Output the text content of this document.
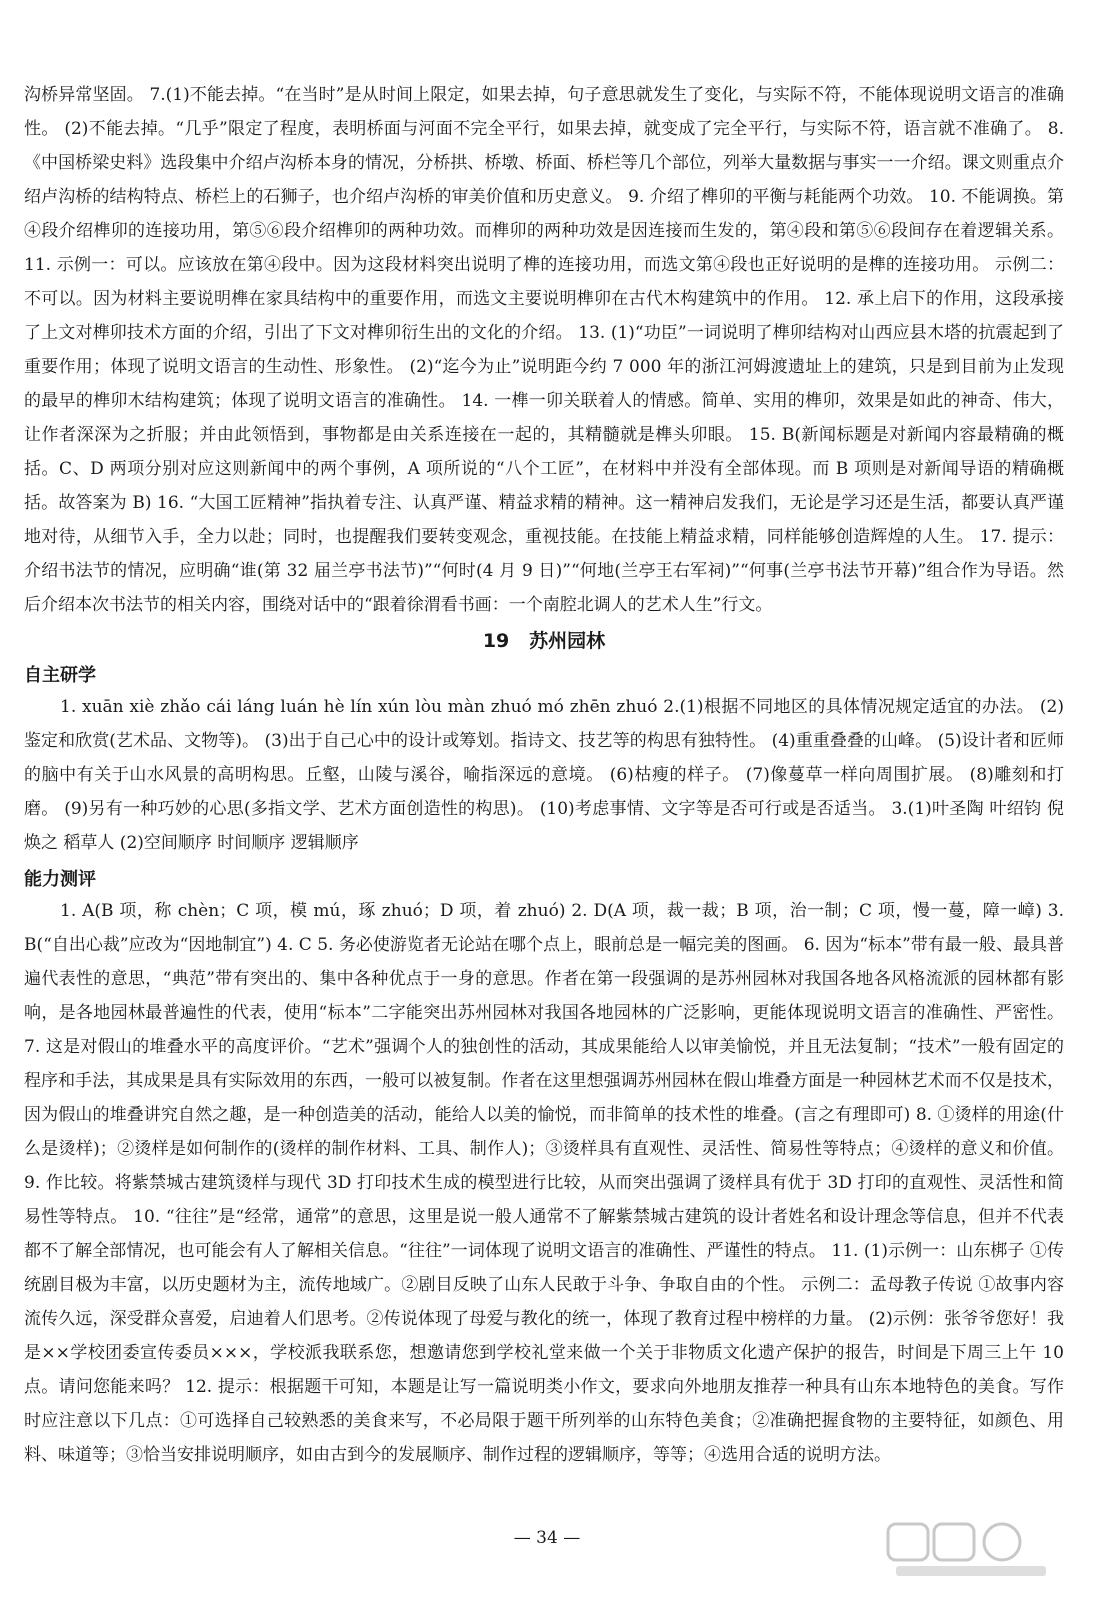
沟桥异常坚固。 7.(1)不能去掉。“在当时”是从时间上限定，如果去掉，句子意思就发生了变化，与实际不符，不能体现说明文语言的准确性。 (2)不能去掉。“几乎”限定了程度，表明桥面与河面不完全平行，如果去掉，就变成了完全平行，与实际不符，语言就不准确了。 8.《中国桥梁史料》选段集中介绍卢沟桥本身的情况，分桥拱、桥墩、桥面、桥栏等几个部位，列举大量数据与事实一一介绍。课文则重点介绍卢沟桥的结构特点、桥栏上的石狮子，也介绍卢沟桥的审美价值和历史意义。 9. 介绍了榫卯的平衡与耗能两个功效。 10. 不能调换。第④段介绍榫卯的连接功用，第⑤⑥段介绍榫卯的两种功效。而榫卯的两种功效是因连接而生发的，第④段和第⑤⑥段间存在着逻辑关系。 11. 示例一：可以。应该放在第④段中。因为这段材料突出说明了榫的连接功用，而选文第④段也正好说明的是榫的连接功用。 示例二：不可以。因为材料主要说明榫在家具结构中的重要作用，而选文主要说明榫卯在古代木构建筑中的作用。 12. 承上启下的作用，这段承接了上文对榫卯技术方面的介绍，引出了下文对榫卯衍生出的文化的介绍。 13. (1)“功臣”一词说明了榫卯结构对山西应县木塔的抗震起到了重要作用；体现了说明文语言的生动性、形象性。 (2)“迄今为止”说明距今约 7 000 年的浙江河姆渡遗址上的建筑，只是到目前为止发现的最早的榫卯木结构建筑；体现了说明文语言的准确性。 14. 一榫一卯关联着人的情感。简单、实用的榫卯，效果是如此的神奇、伟大，让作者深深为之折服；并由此领悟到，事物都是由关系连接在一起的，其精髓就是榫头卯眼。 15. B(新闻标题是对新闻内容最精确的概括。C、D 两项分别对应这则新闻中的两个事例，A 项所说的“八个工匠”，在材料中并没有全部体现。而 B 项则是对新闻导语的精确概括。故答案为 B) 16. “大国工匠精神”指执着专注、认真严谨、精益求精的精神。这一精神启发我们，无论是学习还是生活，都要认真严谨地对待，从细节入手，全力以赴；同时，也提醒我们要转变观念，重视技能。在技能上精益求精，同样能够创造辉煌的人生。 17. 提示：介绍书法节的情况，应明确“谁(第 32 届兰亭书法节)”“何时(4 月 9 日)”“何地(兰亭王右军祠)”“何事(兰亭书法节开幕)”组合作为导语。然后介绍本次书法节的相关内容，围绕对话中的“跟着徐渭看书画：一个南腔北调人的艺术人生”行文。

19 苏州园林
自主研学

1. xuān xiè zhǎo cái láng luán hè lín xún lòu màn zhuó mó zhēn zhuó 2.(1)根据不同地区的具体情况规定适宜的办法。 (2)鉴定和欣赏(艺术品、文物等)。 (3)出于自己心中的设计或筹划。指诗文、技艺等的构思有独特性。 (4)重重叠叠的山峰。 (5)设计者和匠师的脑中有关于山水风景的高明构思。丘壑，山陵与溪谷，喻指深远的意境。 (6)枯瘦的样子。 (7)像蔓草一样向周围扩展。 (8)雕刻和打磨。 (9)另有一种巧妙的心思(多指文学、艺术方面创造性的构思)。 (10)考虑事情、文字等是否可行或是否适当。 3.(1)叶圣陶 叶绍钧 倪焕之 稻草人 (2)空间顺序 时间顺序 逻辑顺序

能力测评

1. A(B 项，称 chèn；C 项，模 mú，琢 zhuó；D 项，着 zhuó) 2. D(A 项，裁一裁；B 项，治一制；C 项，慢一蔓，障一嶂) 3. B(“自出心裁”应改为“因地制宜”) 4. C 5. 务必使游览者无论站在哪个点上，眼前总是一幅完美的图画。 6. 因为“标本”带有最一般、最具普遍代表性的意思，“典范”带有突出的、集中各种优点于一身的意思。作者在第一段强调的是苏州园林对我国各地各风格流派的园林都有影响，是各地园林最普遍性的代表，使用“标本”二字能突出苏州园林对我国各地园林的广泛影响，更能体现说明文语言的准确性、严密性。 7. 这是对假山的堆叠水平的高度评价。“艺术”强调个人的独创性的活动，其成果能给人以审美愉悦，并且无法复制；“技术”一般有固定的程序和手法，其成果是具有实际效用的东西，一般可以被复制。作者在这里想强调苏州园林在假山堆叠方面是一种园林艺术而不仅是技术，因为假山的堆叠讲究自然之趣，是一种创造美的活动，能给人以美的愉悦，而非简单的技术性的堆叠。(言之有理即可) 8. ①烫样的用途(什么是烫样)；②烫样是如何制作的(烫样的制作材料、工具、制作人)；③烫样具有直观性、灵活性、简易性等特点；④烫样的意义和价值。 9. 作比较。将紫禁城古建筑烫样与现代 3D 打印技术生成的模型进行比较，从而突出强调了烫样具有优于 3D 打印的直观性、灵活性和简易性等特点。 10. “往往”是“经常，通常”的意思，这里是说一般人通常不了解紫禁城古建筑的设计者姓名和设计理念等信息，但并不代表都不了解全部情况，也可能会有人了解相关信息。“往往”一词体现了说明文语言的准确性、严谨性的特点。 11. (1)示例一：山东梆子 ①传统剧目极为丰富，以历史题材为主，流传地域广。②剧目反映了山东人民敢于斗争、争取自由的个性。 示例二：孟母教子传说 ①故事内容流传久远，深受群众喜爱，启迪着人们思考。②传说体现了母爱与教化的统一，体现了教育过程中榜样的力量。 (2)示例：张爷爷您好！我是××学校团委宣传委员×××，学校派我联系您，想邀请您到学校礼堂来做一个关于非物质文化遗产保护的报告，时间是下周三上午 10 点。请问您能来吗？ 12. 提示：根据题干可知，本题是让写一篇说明类小作文，要求向外地朋友推荐一种具有山东本地特色的美食。写作时应注意以下几点：①可选择自己较熟悉的美食来写，不必局限于题干所列举的山东特色美食；②准确把握食物的主要特征，如颜色、用料、味道等；③恰当安排说明顺序，如由古到今的发展顺序、制作过程的逻辑顺序，等等；④选用合适的说明方法。

— 34 —
